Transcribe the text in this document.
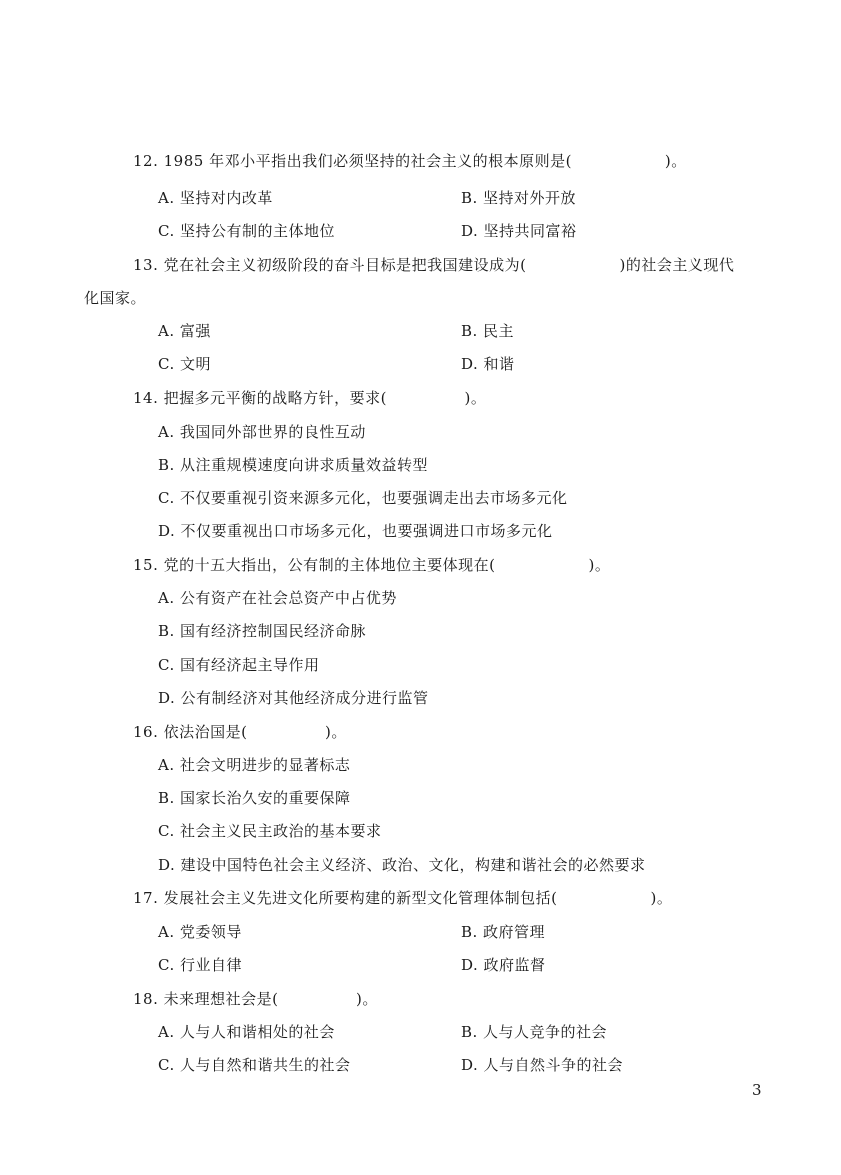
12. 1985 年邓小平指出我们必须坚持的社会主义的根本原则是(　　　　　　)。
A. 坚持对内改革	B. 坚持对外开放
C. 坚持公有制的主体地位	D. 坚持共同富裕
13. 党在社会主义初级阶段的奋斗目标是把我国建设成为(　　　　　　)的社会主义现代
化国家。
A. 富强	B. 民主
C. 文明	D. 和谐
14. 把握多元平衡的战略方针，要求(　　　　　)。
A. 我国同外部世界的良性互动
B. 从注重规模速度向讲求质量效益转型
C. 不仅要重视引资来源多元化，也要强调走出去市场多元化
D. 不仅要重视出口市场多元化，也要强调进口市场多元化
15. 党的十五大指出，公有制的主体地位主要体现在(　　　　　　)。
A. 公有资产在社会总资产中占优势
B. 国有经济控制国民经济命脉
C. 国有经济起主导作用
D. 公有制经济对其他经济成分进行监管
16. 依法治国是(　　　　　)。
A. 社会文明进步的显著标志
B. 国家长治久安的重要保障
C. 社会主义民主政治的基本要求
D. 建设中国特色社会主义经济、政治、文化，构建和谐社会的必然要求
17. 发展社会主义先进文化所要构建的新型文化管理体制包括(　　　　　　)。
A. 党委领导	B. 政府管理
C. 行业自律	D. 政府监督
18. 未来理想社会是(　　　　　)。
A. 人与人和谐相处的社会	B. 人与人竞争的社会
C. 人与自然和谐共生的社会	D. 人与自然斗争的社会
3
